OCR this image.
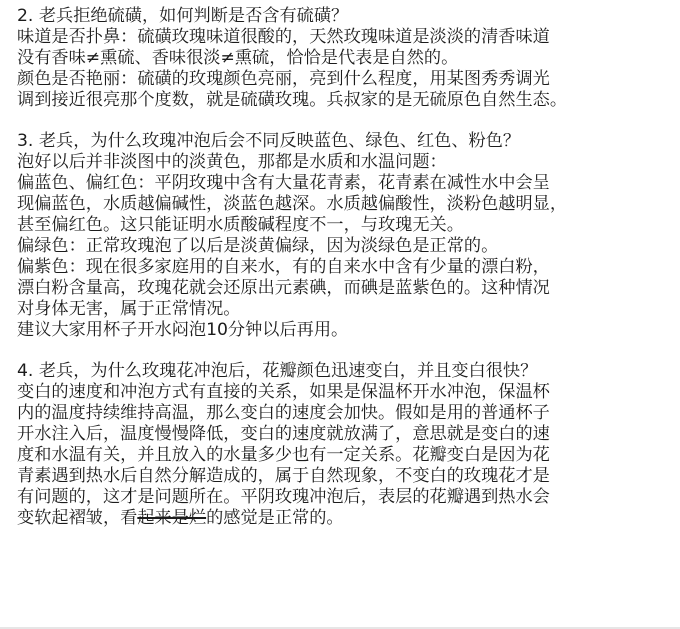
2. 老兵拒绝硫磺，如何判断是否含有硫磺？
味道是否扑鼻：硫磺玫瑰味道很酸的，天然玫瑰味道是淡淡的清香味道
没有香味≠熏硫、香味很淡≠熏硫，恰恰是代表是自然的。
颜色是否艳丽：硫磺的玫瑰颜色亮丽，亮到什么程度，用某图秀秀调光
调到接近很亮那个度数，就是硫磺玫瑰。兵叔家的是无硫原色自然生态。
3. 老兵，为什么玫瑰冲泡后会不同反映蓝色、绿色、红色、粉色？
泡好以后并非淡图中的淡黄色，那都是水质和水温问题：
偏蓝色、偏红色：平阴玫瑰中含有大量花青素，花青素在减性水中会呈
现偏蓝色，水质越偏碱性，淡蓝色越深。水质越偏酸性，淡粉色越明显，
甚至偏红色。这只能证明水质酸碱程度不一，与玫瑰无关。
偏绿色：正常玫瑰泡了以后是淡黄偏绿，因为淡绿色是正常的。
偏紫色：现在很多家庭用的自来水，有的自来水中含有少量的漂白粉，
漂白粉含量高，玫瑰花就会还原出元素碘，而碘是蓝紫色的。这种情况
对身体无害，属于正常情况。
建议大家用杯子开水闷泡10分钟以后再用。
4. 老兵，为什么玫瑰花冲泡后，花瓣颜色迅速变白，并且变白很快？
变白的速度和冲泡方式有直接的关系，如果是保温杯开水冲泡，保温杯
内的温度持续维持高温，那么变白的速度会加快。假如是用的普通杯子
开水注入后，温度慢慢降低，变白的速度就放满了，意思就是变白的速
度和水温有关，并且放入的水量多少也有一定关系。花瓣变白是因为花
青素遇到热水后自然分解造成的，属于自然现象，不变白的玫瑰花才是
有问题的，这才是问题所在。平阴玫瑰冲泡后，表层的花瓣遇到热水会
变软起褶皱，看起来是烂的感觉是正常的。
